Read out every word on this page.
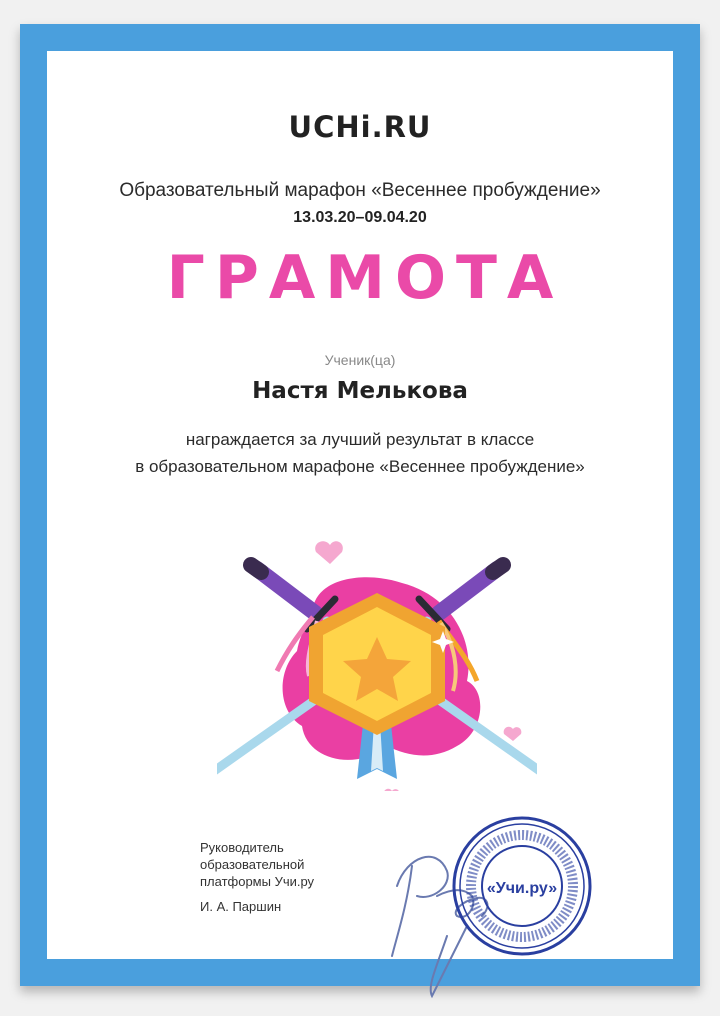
UCHi.RU
Образовательный марафон «Весеннее пробуждение»
13.03.20–09.04.20
ГРАМОТА
Ученик(ца)
Настя Мелькова
награждается за лучший результат в классе
в образовательном марафоне «Весеннее пробуждение»
Руководитель
образовательной
платформы Учи.ру
И. А. Паршин
«Учи.ру»
